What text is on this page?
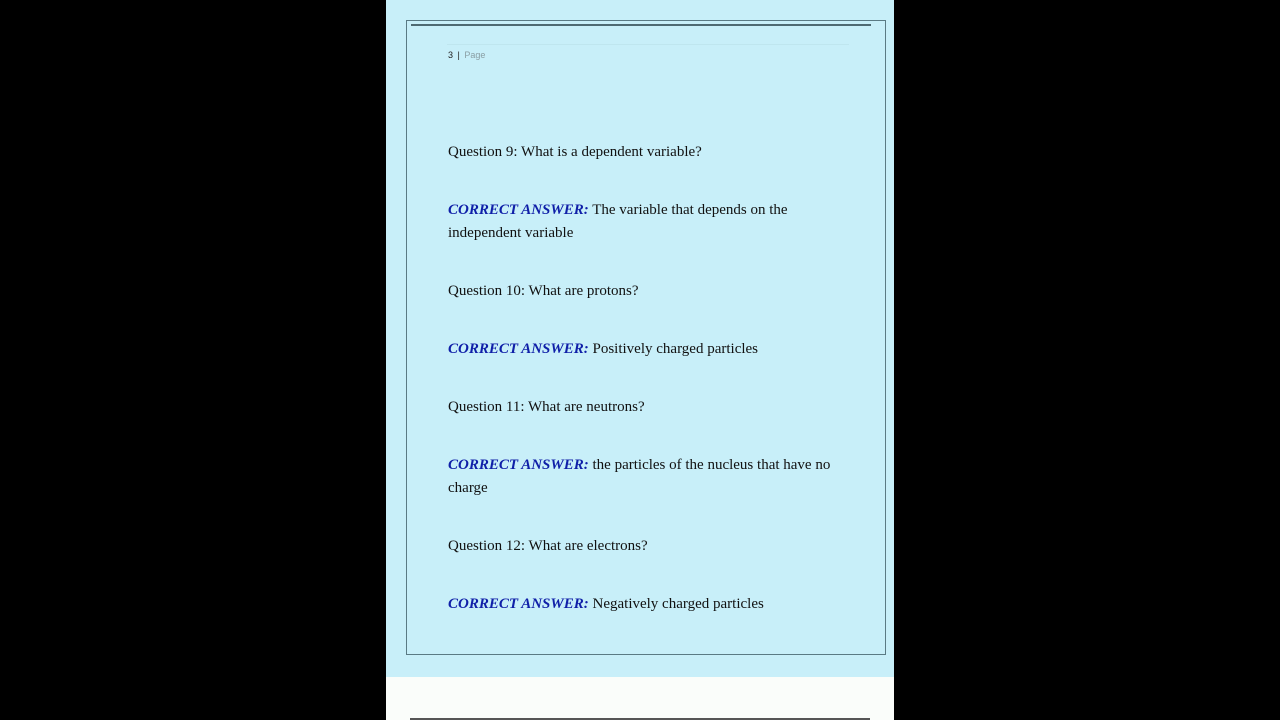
3 | Page
Question 9: What is a dependent variable?
CORRECT ANSWER: The variable that depends on the independent variable
Question 10: What are protons?
CORRECT ANSWER: Positively charged particles
Question 11: What are neutrons?
CORRECT ANSWER: the particles of the nucleus that have no charge
Question 12: What are electrons?
CORRECT ANSWER: Negatively charged particles
